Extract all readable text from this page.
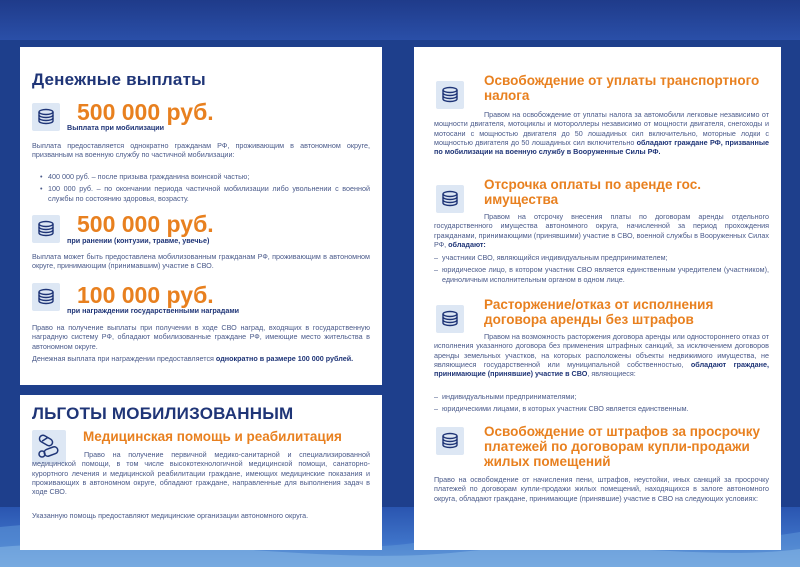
Денежные выплаты
500 000 руб.
Выплата при мобилизации
Выплата предоставляется однократно гражданам РФ, проживающим в автономном округе, призванным на военную службу по частичной мобилизации:
• 400 000 руб. – после призыва гражданина воинской частью;
• 100 000 руб. – по окончании периода частичной мобилизации либо увольнении с военной службы по состоянию здоровья, возрасту.
500 000 руб.
при ранении (контузии, травме, увечье)
Выплата может быть предоставлена мобилизованным гражданам РФ, проживающим в автономном округе, принимающим (принимавшим) участие в СВО.
100 000 руб.
при награждении государственными наградами
Право на получение выплаты при получении в ходе СВО наград, входящих в государственную наградную систему РФ, обладают мобилизованные граждане РФ, имеющие место жительства в автономном округе.
Денежная выплата при награждении предоставляется однократно в размере 100 000 рублей.
ЛЬГОТЫ МОБИЛИЗОВАННЫМ
Медицинская помощь и реабилитация
Право на получение первичной медико-санитарной и специализированной медицинской помощи, в том числе высокотехнологичной медицинской помощи, санаторно-курортного лечения и медицинской реабилитации граждане, имеющих медицинские показания и проживающих в автономном округе, обладают граждане, направленные для выполнения задач в ходе СВО.
Указанную помощь предоставляют медицинские организации автономного округа.
Освобождение от уплаты транспортного налога
Правом на освобождение от уплаты налога за автомобили легковые независимо от мощности двигателя, мотоциклы и мотороллеры независимо от мощности двигателя, снегоходы и мотосани с мощностью двигателя до 50 лошадиных сил включительно, моторные лодки с мощностью двигателя до 50 лошадиных сил включительно обладают граждане РФ, призванные по мобилизации на военную службу в Вооруженные Силы РФ.
Отсрочка оплаты по аренде гос. имущества
Правом на отсрочку внесения платы по договорам аренды отдельного государственного имущества автономного округа, начисленной за период прохождения гражданами, принимающими (принявшими) участие в СВО, военной службы в Вооруженных Силах РФ, обладают:
– участники СВО, являющийся индивидуальным предпринимателем;
– юридическое лицо, в котором участник СВО является единственным учредителем (участником), единоличным исполнительным органом в одном лице.
Расторжение/отказ от исполнения договора аренды без штрафов
Правом на возможность расторжения договора аренды или одностороннего отказ от исполнения указанного договора без применения штрафных санкций, за исключением договоров аренды земельных участков, на которых расположены объекты недвижимого имущества, не являющиеся государственной или муниципальной собственностью, обладают граждане, принимающие (принявшие) участие в СВО, являющиеся:
– индивидуальными предпринимателями;
– юридическими лицами, в которых участник СВО является единственным.
Освобождение от штрафов за просрочку платежей по договорам купли-продажи жилых помещений
Право на освобождение от начисления пени, штрафов, неустойки, иных санкций за просрочку платежей по договорам купли-продажи жилых помещений, находящихся в залоге автономного округа, обладают граждане, принимающие (принявшие) участие в СВО на следующих условиях:
4	5
